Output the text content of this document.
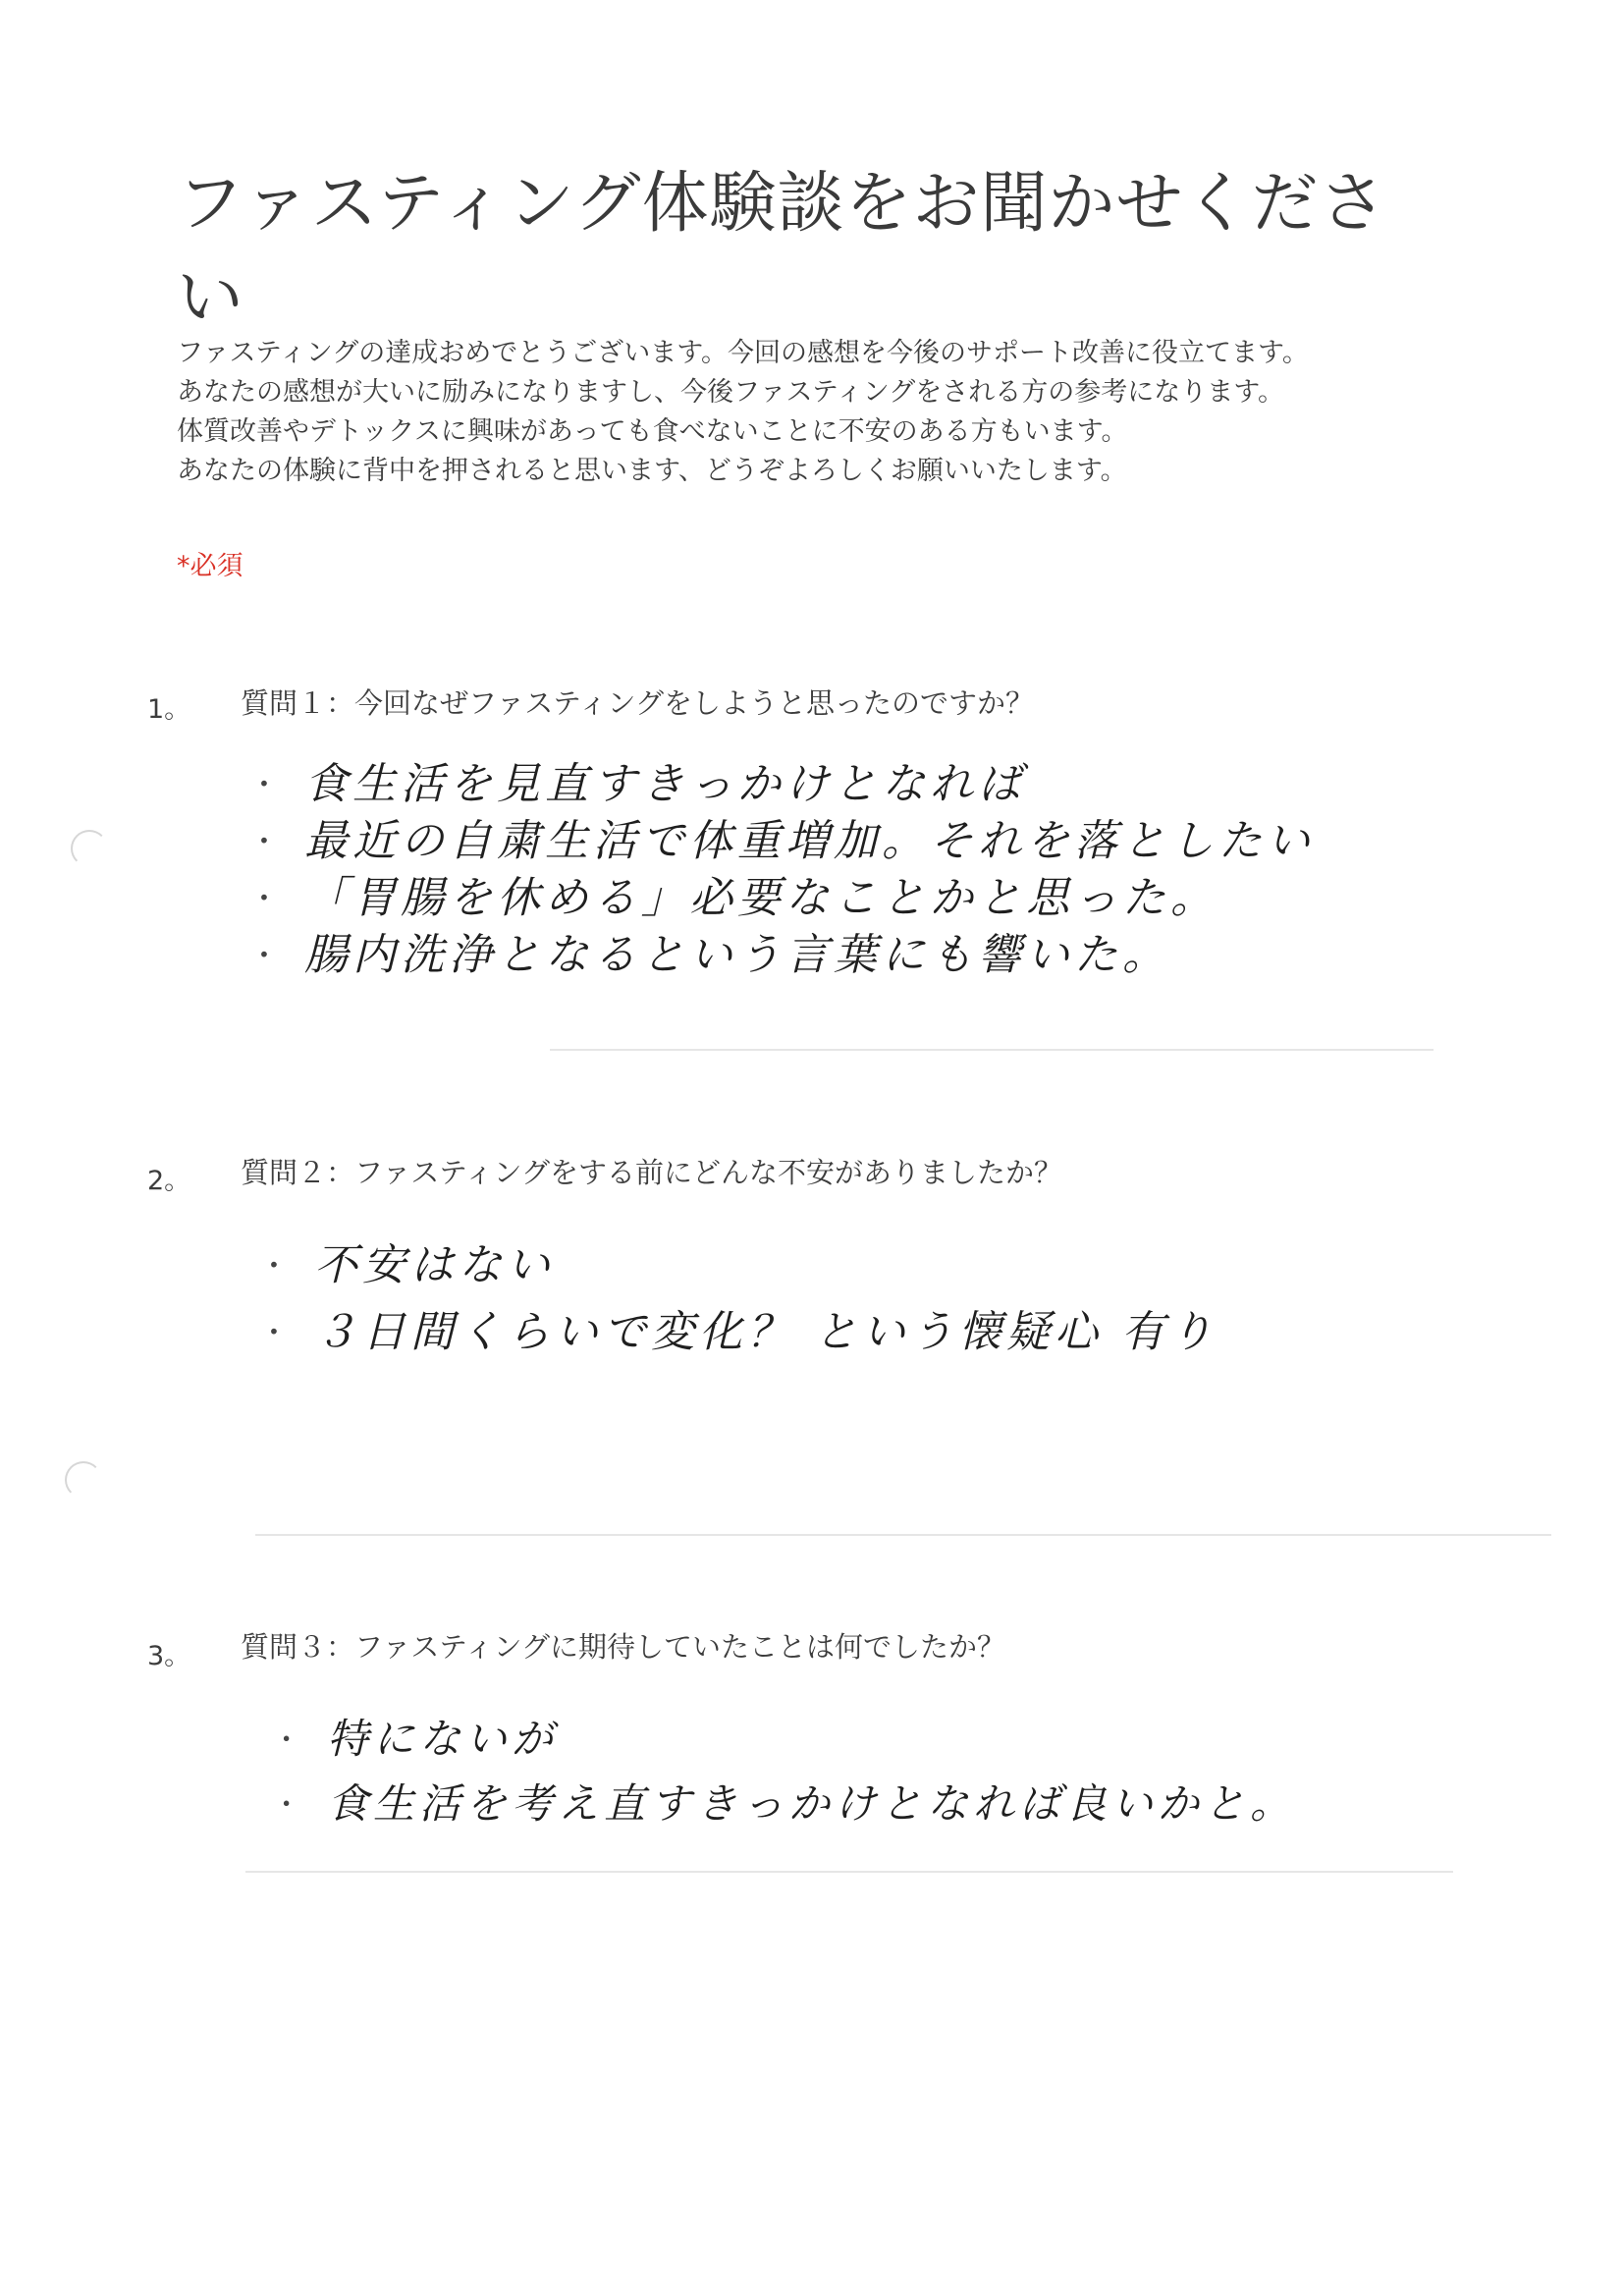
ファスティング体験談をお聞かせください

ファスティングの達成おめでとうございます。今回の感想を今後のサポート改善に役立てます。

あなたの感想が大いに励みになりますし、今後ファスティングをされる方の参考になります。

体質改善やデトックスに興味があっても食べないことに不安のある方もいます。

あなたの体験に背中を押されると思います、どうぞよろしくお願いいたします。

*必須
1。 質問１：今回なぜファスティングをしようと思ったのですか？
· 食生活を見直すきっかけとなれば
· 最近の自粛生活で体重増加。それを落としたい
· 「胃腸を休める」必要なことかと思った。
· 腸内洗浄となるという言葉にも響いた。
2。 質問２：ファスティングをする前にどんな不安がありましたか？
· 不安はない
· ３日間くらいで変化？ という懐疑心 有り
3。 質問３：ファスティングに期待していたことは何でしたか？
· 特にないが
· 食生活を考え直すきっかけとなれば良いかと。
